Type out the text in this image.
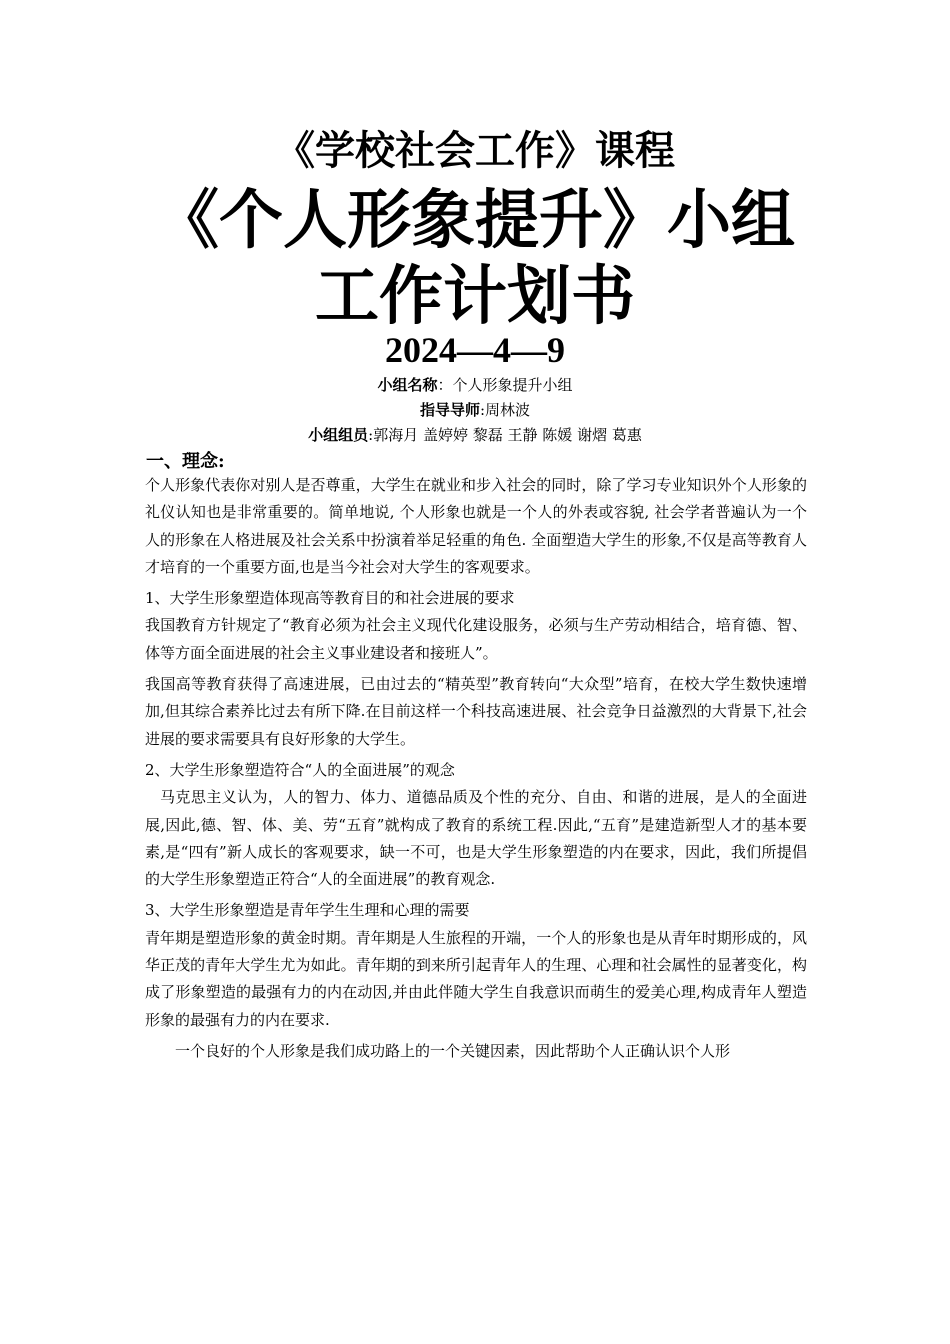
《学校社会工作》课程
《个人形象提升》小组工作计划书
2024—4—9
小组名称：个人形象提升小组
指导导师:周林波
小组组员:郭海月 盖婷婷 黎磊 王静 陈媛 谢熠 葛惠
一、理念:

个人形象代表你对别人是否尊重，大学生在就业和步入社会的同时，除了学习专业知识外个人形象的礼仪认知也是非常重要的。简单地说, 个人形象也就是一个人的外表或容貌, 社会学者普遍认为一个人的形象在人格进展及社会关系中扮演着举足轻重的角色. 全面塑造大学生的形象,不仅是高等教育人才培育的一个重要方面,也是当今社会对大学生的客观要求。

1、大学生形象塑造体现高等教育目的和社会进展的要求

我国教育方针规定了“教育必须为社会主义现代化建设服务，必须与生产劳动相结合，培育德、智、体等方面全面进展的社会主义事业建设者和接班人”。

我国高等教育获得了高速进展，已由过去的“精英型”教育转向“大众型”培育，在校大学生数快速增加,但其综合素养比过去有所下降.在目前这样一个科技高速进展、社会竞争日益激烈的大背景下,社会进展的要求需要具有良好形象的大学生。

2、大学生形象塑造符合“人的全面进展”的观念

马克思主义认为，人的智力、体力、道德品质及个性的充分、自由、和谐的进展，是人的全面进展,因此,德、智、体、美、劳“五育”就构成了教育的系统工程.因此,“五育”是建造新型人才的基本要素,是“四有”新人成长的客观要求，缺一不可，也是大学生形象塑造的内在要求，因此，我们所提倡的大学生形象塑造正符合“人的全面进展”的教育观念.

3、大学生形象塑造是青年学生生理和心理的需要

青年期是塑造形象的黄金时期。青年期是人生旅程的开端，一个人的形象也是从青年时期形成的，风华正茂的青年大学生尤为如此。青年期的到来所引起青年人的生理、心理和社会属性的显著变化，构成了形象塑造的最强有力的内在动因,并由此伴随大学生自我意识而萌生的爱美心理,构成青年人塑造形象的最强有力的内在要求.

一个良好的个人形象是我们成功路上的一个关键因素，因此帮助个人正确认识个人形
